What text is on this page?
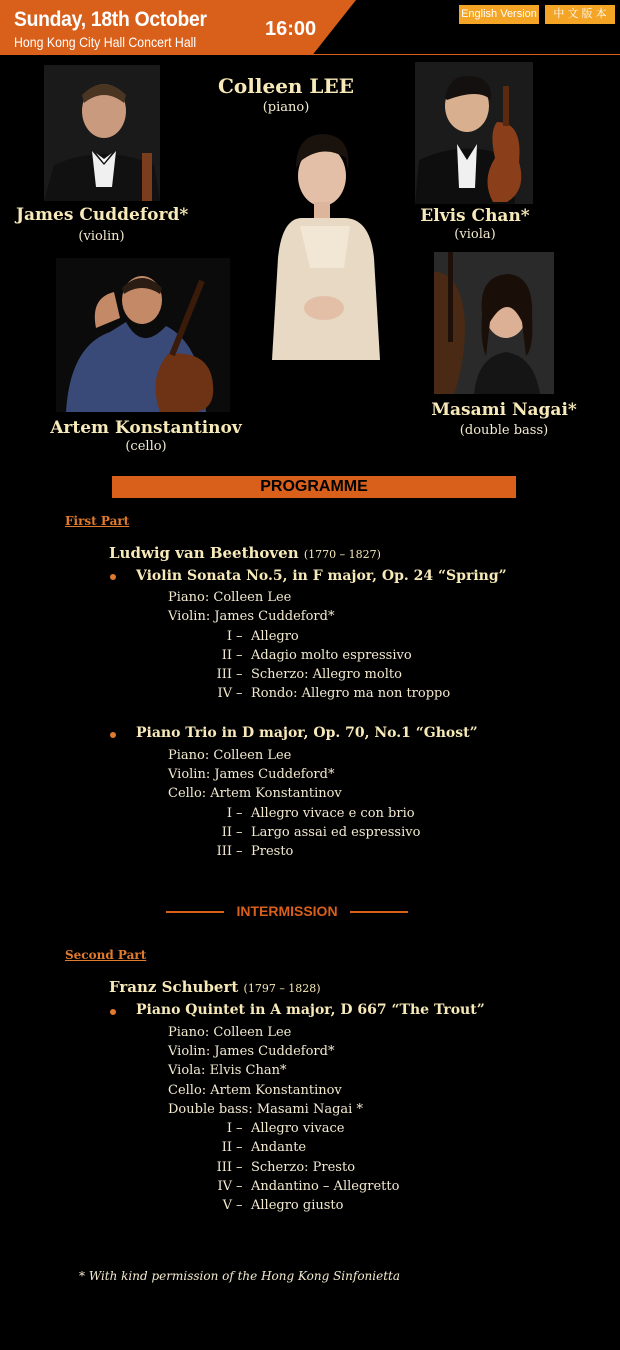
Sunday, 18th October
Hong Kong City Hall Concert Hall
16:00
English Version	中 文 版 本
James Cuddeford*
(violin)
Colleen LEE
(piano)
Elvis Chan*
(viola)
Artem Konstantinov
(cello)
Masami Nagai*
(double bass)
PROGRAMME
First Part
Ludwig van Beethoven (1770 – 1827)
Violin Sonata No.5, in F major, Op. 24 “Spring”
Piano: Colleen Lee
Violin: James Cuddeford*
I – Allegro
II – Adagio molto espressivo
III – Scherzo: Allegro molto
IV – Rondo: Allegro ma non troppo
Piano Trio in D major, Op. 70, No.1 “Ghost”
Piano: Colleen Lee
Violin: James Cuddeford*
Cello: Artem Konstantinov
I – Allegro vivace e con brio
II – Largo assai ed espressivo
III – Presto
INTERMISSION
Second Part
Franz Schubert (1797 – 1828)
Piano Quintet in A major, D 667 “The Trout”
Piano: Colleen Lee
Violin: James Cuddeford*
Viola: Elvis Chan*
Cello: Artem Konstantinov
Double bass: Masami Nagai *
I – Allegro vivace
II – Andante
III – Scherzo: Presto
IV – Andantino – Allegretto
V – Allegro giusto
* With kind permission of the Hong Kong Sinfonietta
